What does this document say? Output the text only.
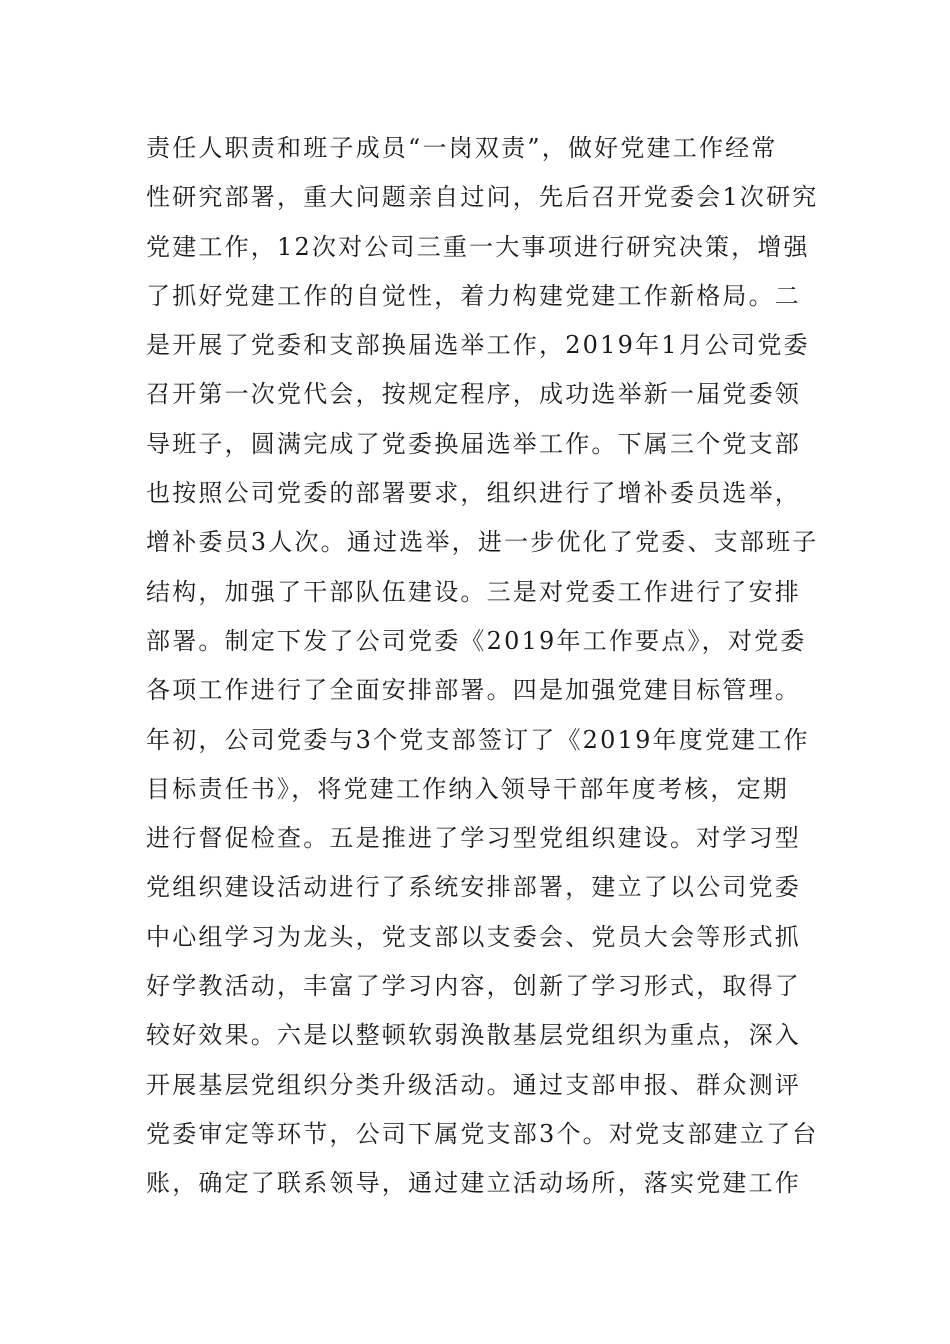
责任人职责和班子成员“一岗双责”，做好党建工作经常
性研究部署，重大问题亲自过问，先后召开党委会1次研究
党建工作，12次对公司三重一大事项进行研究决策，增强
了抓好党建工作的自觉性，着力构建党建工作新格局。二
是开展了党委和支部换届选举工作，2019年1月公司党委
召开第一次党代会，按规定程序，成功选举新一届党委领
导班子，圆满完成了党委换届选举工作。下属三个党支部
也按照公司党委的部署要求，组织进行了增补委员选举，
增补委员3人次。通过选举，进一步优化了党委、支部班子
结构，加强了干部队伍建设。三是对党委工作进行了安排
部署。制定下发了公司党委《2019年工作要点》，对党委
各项工作进行了全面安排部署。四是加强党建目标管理。
年初，公司党委与3个党支部签订了《2019年度党建工作
目标责任书》，将党建工作纳入领导干部年度考核，定期
进行督促检查。五是推进了学习型党组织建设。对学习型
党组织建设活动进行了系统安排部署，建立了以公司党委
中心组学习为龙头，党支部以支委会、党员大会等形式抓
好学教活动，丰富了学习内容，创新了学习形式，取得了
较好效果。六是以整顿软弱涣散基层党组织为重点，深入
开展基层党组织分类升级活动。通过支部申报、群众测评
党委审定等环节，公司下属党支部3个。对党支部建立了台
账，确定了联系领导，通过建立活动场所，落实党建工作
